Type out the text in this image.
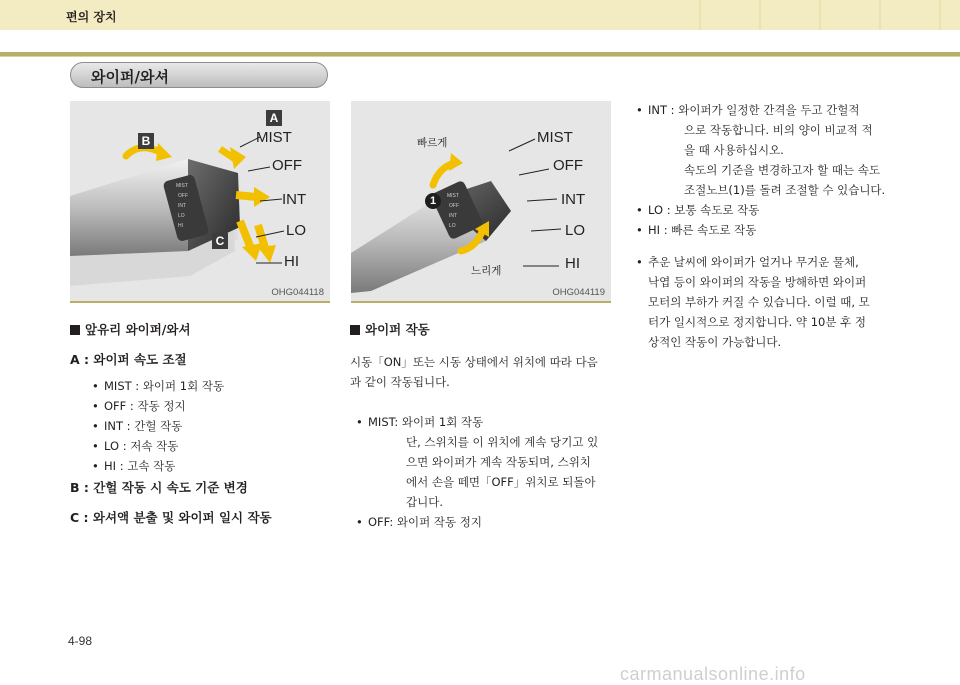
편의 장치
와이퍼/와셔
MIST
OFF
INT
LO
HI
MIST
OFF
INT
LO
HI
A
B
C
OHG044118
MIST
OFF
INT
LO
MIST
OFF
INT
LO
HI
빠르게
느리게
1
OHG044119
앞유리 와이퍼/와셔
A : 와이퍼 속도 조절
• MIST : 와이퍼 1회 작동
• OFF : 작동 정지
• INT : 간헐 작동
• LO : 저속 작동
• HI : 고속 작동
B : 간헐 작동 시 속도 기준 변경
C : 와셔액 분출 및 와이퍼 일시 작동
와이퍼 작동
시동「ON」또는 시동 상태에서 위치에 따라 다음
과 같이 작동됩니다.
• MIST: 와이퍼 1회 작동
단, 스위치를 이 위치에 계속 당기고 있
으면 와이퍼가 계속 작동되며, 스위치
에서 손을 떼면「OFF」위치로 되돌아
갑니다.
• OFF: 와이퍼 작동 정지
• INT : 와이퍼가 일정한 간격을 두고 간헐적
으로 작동합니다. 비의 양이 비교적 적
을 때 사용하십시오.
속도의 기준을 변경하고자 할 때는 속도
조절노브(1)를 돌려 조절할 수 있습니다.
• LO : 보통 속도로 작동
• HI : 빠른 속도로 작동
• 추운 날씨에 와이퍼가 얼거나 무거운 물체,
낙엽 등이 와이퍼의 작동을 방해하면 와이퍼
모터의 부하가 커질 수 있습니다. 이럴 때, 모
터가 일시적으로 정지합니다. 약 10분 후 정
상적인 작동이 가능합니다.
4-98
carmanualsonline.info
